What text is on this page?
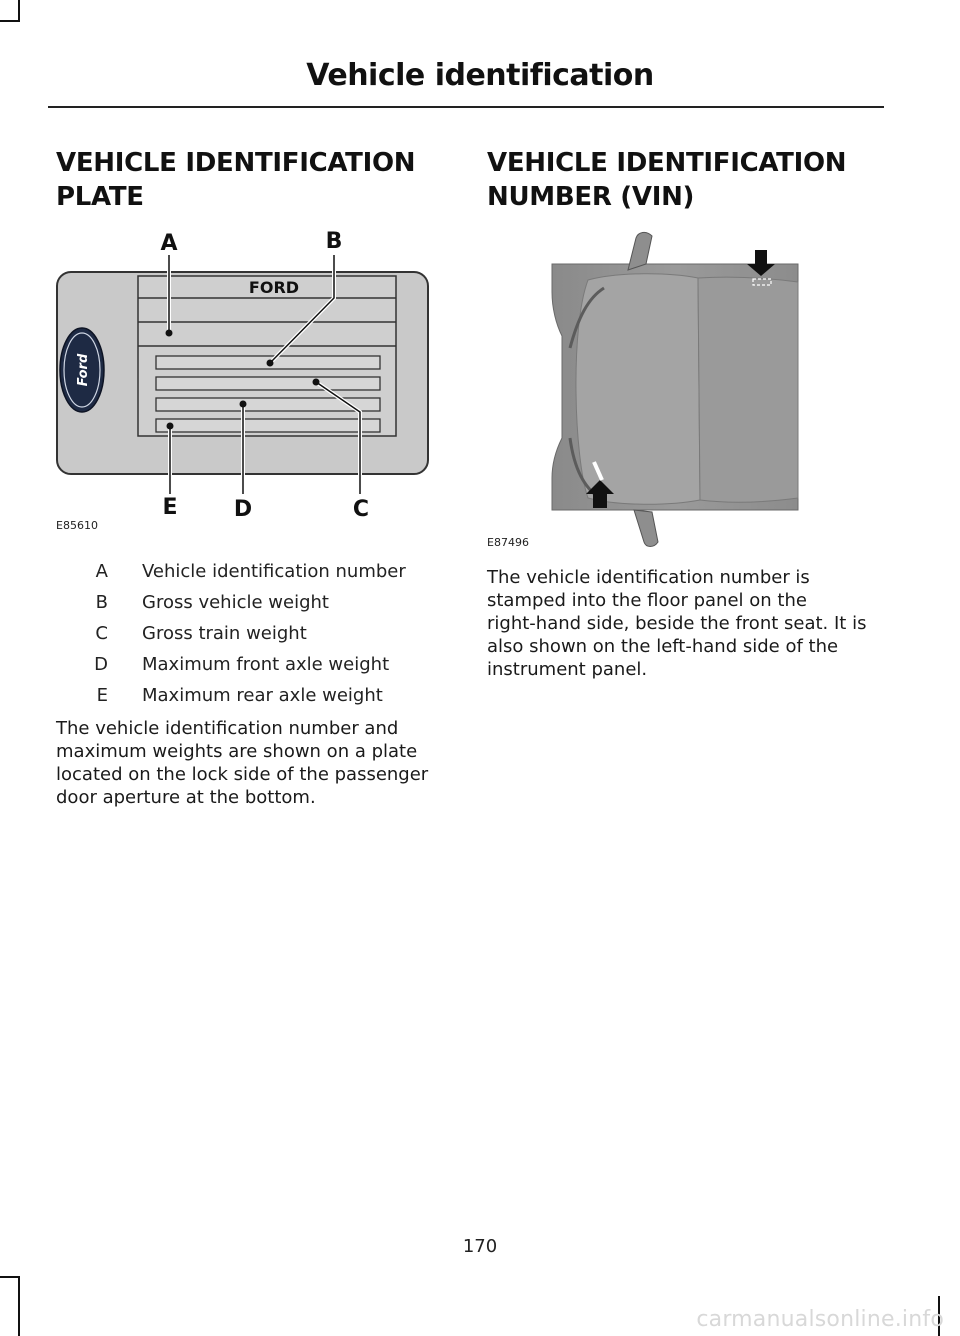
Vehicle identification
VEHICLE IDENTIFICATION
PLATE
Ford
FORD
A	B
C
D
E
E85610
A	Vehicle identification number
B	Gross vehicle weight
C	Gross train weight
D	Maximum front axle weight
E	Maximum rear axle weight

The vehicle identification number and
maximum weights are shown on a plate
located on the lock side of the passenger
door aperture at the bottom.

VEHICLE IDENTIFICATION
NUMBER (VIN)
E87496

The vehicle identification number is
stamped into the floor panel on the
right-hand side, beside the front seat. It is
also shown on the left-hand side of the
instrument panel.

170
carmanualsonline.info
